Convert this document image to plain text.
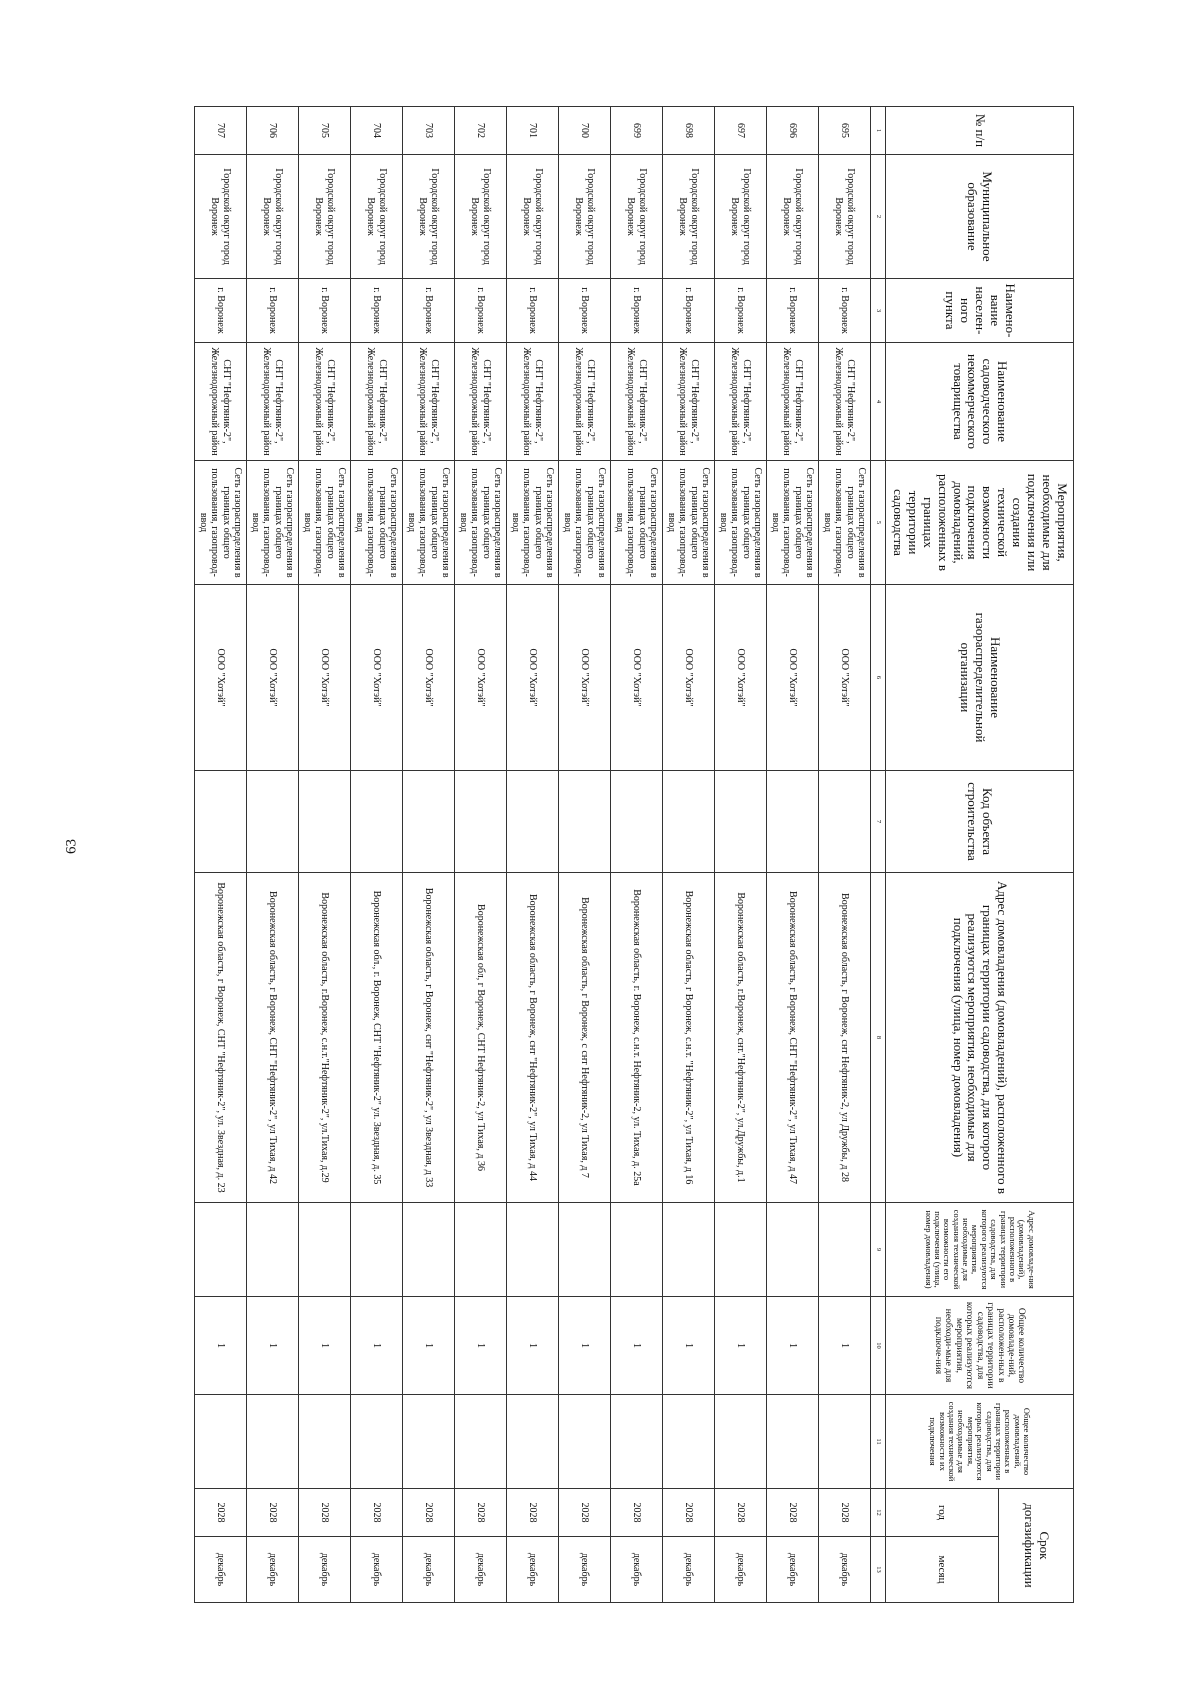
63
№ п/п	Муниципальное образование	Наимено-вание населен-ного пункта	Наименование садоводческого некоммерческого товарищества	Мероприятия, необходимые для подключения или создания технической возможности подключения домовладений, расположенных в границах территории садоводства	Наименование газораспределительной организации	Код объекта строительства	Адрес домовладения (домовладений), расположенного в границах территории садоводства, для которого реализуются мероприятия, необходимые для подключения (улица, номер домовладения)	Адрес домовладе-ния (домовладений), расположенного в границах территории садоводства, для которого реализуются мероприятия, необходимые для создания технической возможности его подключения (улица, номер домовладения)	Общее количество домовладе-ний, расположен-ных в границах территории садоводства, для которых реализуются мероприятия, необходи-мые для подключе-ния	Общее количество домовладений, расположенных в границах территории садоводства, для которых реализуются мероприятия, необходимые для создания технической возможности их подключения	Срок догазификации	
											год	месяц
1	2	3	4	5	6	7	8	9	10	11	12	13
695	Городской округ город Воронеж	г. Воронеж	СНТ "Нефтяник-2", Железнодорожный район	Сеть газораспределения в границах общего пользования, газопровод-ввод	ООО "Хотэй"		Воронежская область, г Воронеж, снт Нефтяник-2, ул Дружбы, д 28		1		2028	декабрь
696	Городской округ город Воронеж	г. Воронеж	СНТ "Нефтяник-2", Железнодорожный район	Сеть газораспределения в границах общего пользования, газопровод-ввод	ООО "Хотэй"		Воронежская область, г Воронеж, СНТ "Нефтяник-2", ул Тихая, д 47		1		2028	декабрь
697	Городской округ город Воронеж	г. Воронеж	СНТ "Нефтяник-2", Железнодорожный район	Сеть газораспределения в границах общего пользования, газопровод-ввод	ООО "Хотэй"		Воронежская область, г.Воронеж, снт."Нефтяник-2", ул.Дружбы, д.1		1		2028	декабрь
698	Городской округ город Воронеж	г. Воронеж	СНТ "Нефтяник-2", Железнодорожный район	Сеть газораспределения в границах общего пользования, газопровод-ввод	ООО "Хотэй"		Воронежская область, г Воронеж, с.н.т. "Нефтяник-2", ул Тихая, д 16		1		2028	декабрь
699	Городской округ город Воронеж	г. Воронеж	СНТ "Нефтяник-2", Железнодорожный район	Сеть газораспределения в границах общего пользования, газопровод-ввод	ООО "Хотэй"		Воронежская область, г. Воронеж, с.н.т. Нефтяник-2, ул. Тихая, д. 25а		1		2028	декабрь
700	Городской округ город Воронеж	г. Воронеж	СНТ "Нефтяник-2", Железнодорожный район	Сеть газораспределения в границах общего пользования, газопровод-ввод	ООО "Хотэй"		Воронежская область, г Воронеж, с снт Нефтяник-2, ул Тихая, д 7		1		2028	декабрь
701	Городской округ город Воронеж	г. Воронеж	СНТ "Нефтяник-2", Железнодорожный район	Сеть газораспределения в границах общего пользования, газопровод-ввод	ООО "Хотэй"		Воронежская область, г Воронеж, снт "Нефтяник-2", ул Тихая, д 44		1		2028	декабрь
702	Городской округ город Воронеж	г. Воронеж	СНТ "Нефтяник-2", Железнодорожный район	Сеть газораспределения в границах общего пользования, газопровод-ввод	ООО "Хотэй"		Воронежская обл, г Воронеж, СНТ Нефтяник-2, ул Тихая, д 36		1		2028	декабрь
703	Городской округ город Воронеж	г. Воронеж	СНТ "Нефтяник-2", Железнодорожный район	Сеть газораспределения в границах общего пользования, газопровод-ввод	ООО "Хотэй"		Воронежская область, г Воронеж, снт "Нефтяник-2", ул Звездная, д 33		1		2028	декабрь
704	Городской округ город Воронеж	г. Воронеж	СНТ "Нефтяник-2", Железнодорожный район	Сеть газораспределения в границах общего пользования, газопровод-ввод	ООО "Хотэй"		Воронежская обл., г. Воронеж, СНТ "Нефтяник-2" ул. Звездная, д. 35		1		2028	декабрь
705	Городской округ город Воронеж	г. Воронеж	СНТ "Нефтяник-2", Железнодорожный район	Сеть газораспределения в границах общего пользования, газопровод-ввод	ООО "Хотэй"		Воронежская область, г.Воронеж, с.н.т."Нефтяник-2", ул.Тихая, д.29		1		2028	декабрь
706	Городской округ город Воронеж	г. Воронеж	СНТ "Нефтяник-2", Железнодорожный район	Сеть газораспределения в границах общего пользования, газопровод-ввод	ООО "Хотэй"		Воронежская область, г Воронеж, СНТ "Нефтяник-2", ул Тихая, д 42		1		2028	декабрь
707	Городской округ город Воронеж	г. Воронеж	СНТ "Нефтяник-2", Железнодорожный район	Сеть газораспределения в границах общего пользования, газопровод-ввод	ООО "Хотэй"		Воронежская область, г Воронеж, СНТ "Нефтяник-2", ул. Звездная, д. 23		1		2028	декабрь
